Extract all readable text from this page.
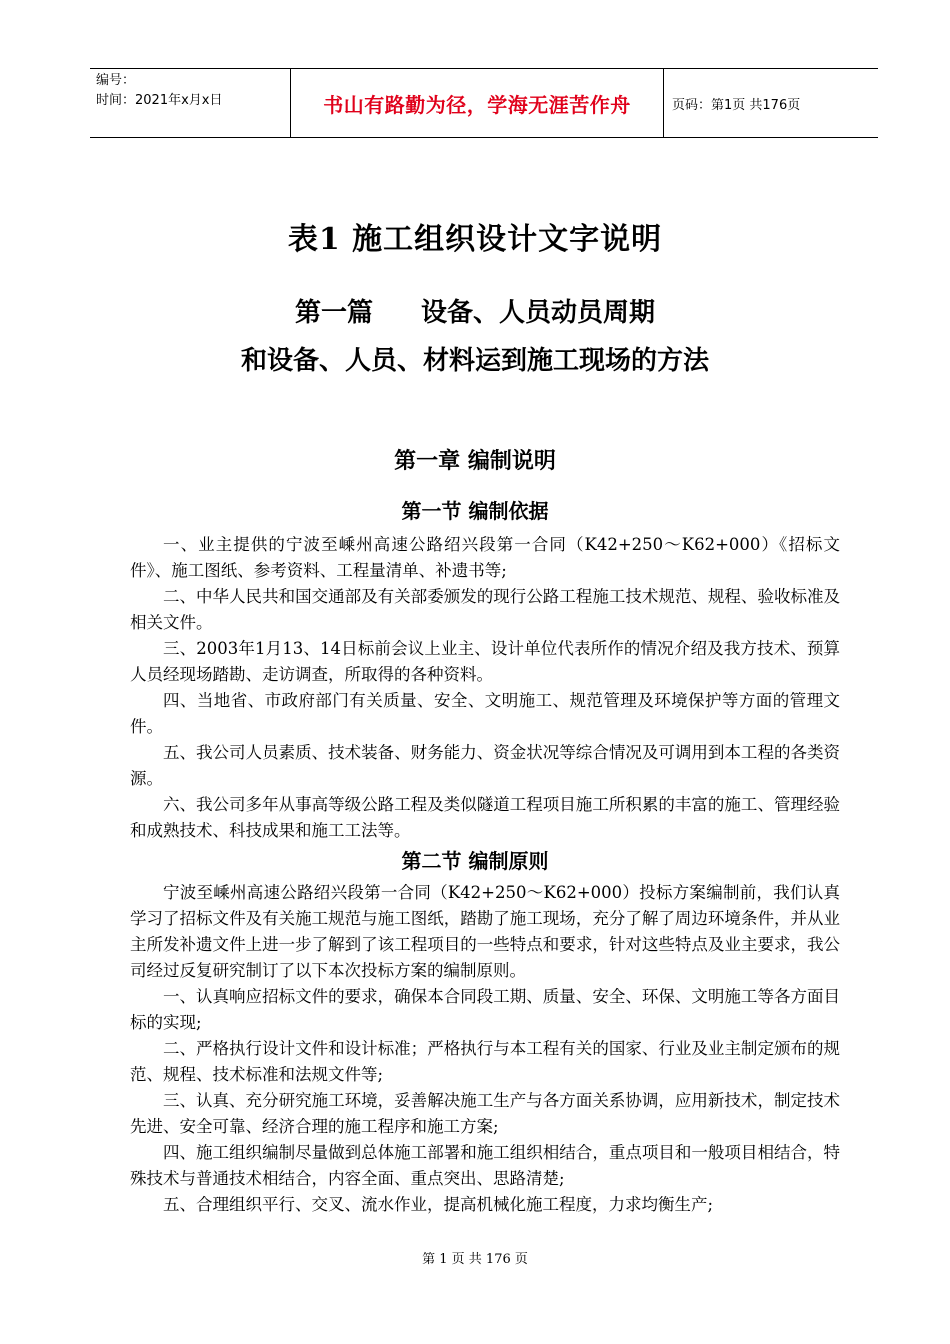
编号：
时间：2021年x月x日	书山有路勤为径，学海无涯苦作舟	页码：第1页 共176页
表1 施工组织设计文字说明
第一篇 设备、人员动员周期
和设备、人员、材料运到施工现场的方法
第一章 编制说明
第一节 编制依据

一、业主提供的宁波至嵊州高速公路绍兴段第一合同（K42+250～K62+000）《招标文件》、施工图纸、参考资料、工程量清单、补遗书等;

二、中华人民共和国交通部及有关部委颁发的现行公路工程施工技术规范、规程、验收标准及相关文件。

三、2003年1月13、14日标前会议上业主、设计单位代表所作的情况介绍及我方技术、预算人员经现场踏勘、走访调查，所取得的各种资料。

四、当地省、市政府部门有关质量、安全、文明施工、规范管理及环境保护等方面的管理文件。

五、我公司人员素质、技术装备、财务能力、资金状况等综合情况及可调用到本工程的各类资源。

六、我公司多年从事高等级公路工程及类似隧道工程项目施工所积累的丰富的施工、管理经验和成熟技术、科技成果和施工工法等。

第二节 编制原则

宁波至嵊州高速公路绍兴段第一合同（K42+250～K62+000）投标方案编制前，我们认真学习了招标文件及有关施工规范与施工图纸，踏勘了施工现场，充分了解了周边环境条件，并从业主所发补遗文件上进一步了解到了该工程项目的一些特点和要求，针对这些特点及业主要求，我公司经过反复研究制订了以下本次投标方案的编制原则。

一、认真响应招标文件的要求，确保本合同段工期、质量、安全、环保、文明施工等各方面目标的实现;

二、严格执行设计文件和设计标准；严格执行与本工程有关的国家、行业及业主制定颁布的规范、规程、技术标准和法规文件等;

三、认真、充分研究施工环境，妥善解决施工生产与各方面关系协调，应用新技术，制定技术先进、安全可靠、经济合理的施工程序和施工方案;

四、施工组织编制尽量做到总体施工部署和施工组织相结合，重点项目和一般项目相结合，特殊技术与普通技术相结合，内容全面、重点突出、思路清楚;

五、合理组织平行、交叉、流水作业，提高机械化施工程度，力求均衡生产;

第 1 页 共 176 页
